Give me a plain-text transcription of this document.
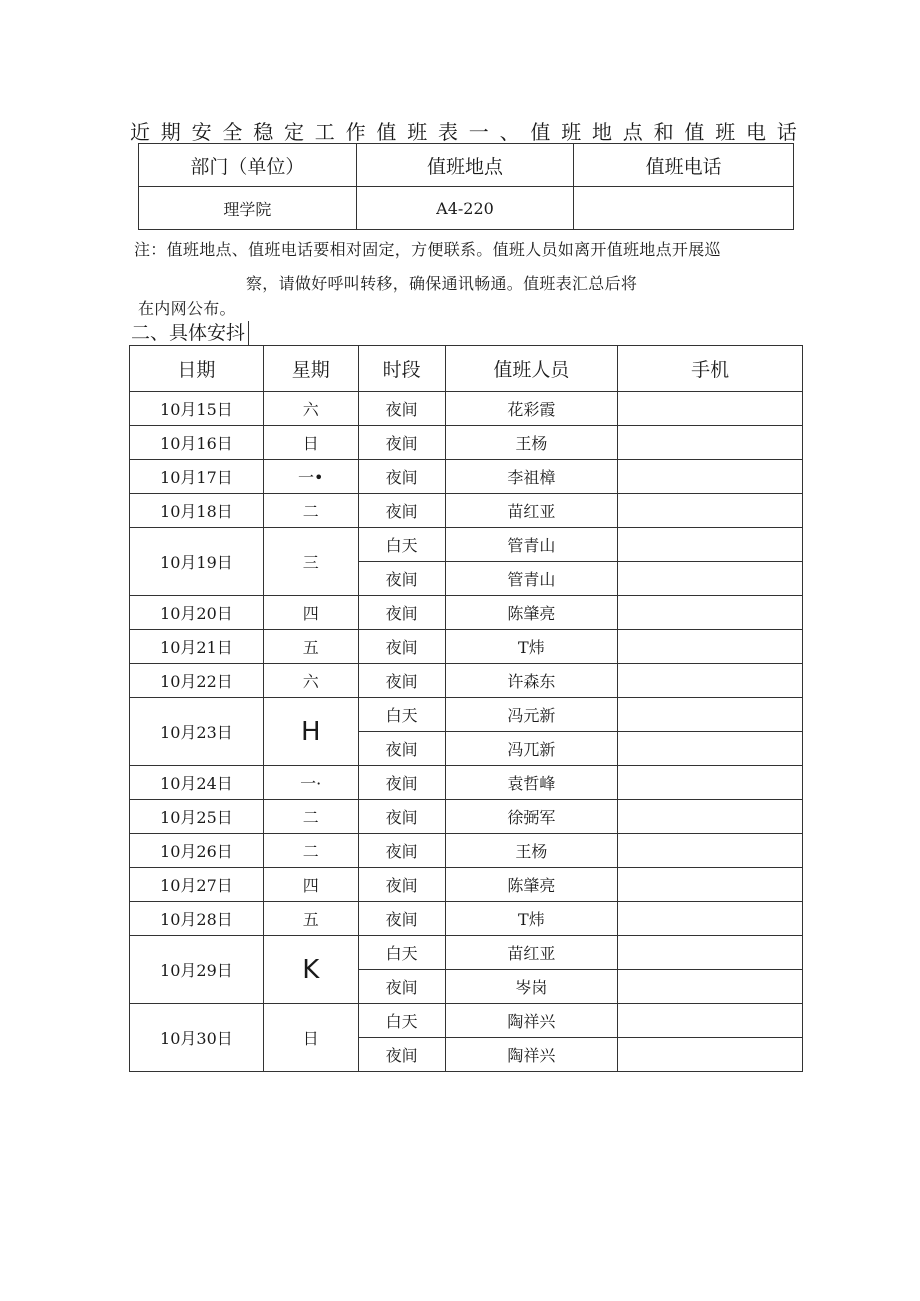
近期安全稳定工作值班表一、值班地点和值班电话
部门（单位）	值班地点	值班电话
理学院	A4-220	
注：值班地点、值班电话要相对固定，方便联系。值班人员如离开值班地点开展巡
察，请做好呼叫转移，确保通讯畅通。值班表汇总后将
在内网公布。
二、具体安抖
日期	星期	时段	值班人员	手机
10月15日	六	夜间	花彩霞	
10月16日	日	夜间	王杨	
10月17日	一•	夜间	李祖樟	
10月18日	二	夜间	苗红亚	
10月19日	三	白天	管青山	
		夜间	管青山	
10月20日	四	夜间	陈肇亮	
10月21日	五	夜间	T炜	
10月22日	六	夜间	许森东	
10月23日	H	白天	冯元新	
		夜间	冯兀新	
10月24日	一·	夜间	袁哲峰	
10月25日	二	夜间	徐弼军	
10月26日	二	夜间	王杨	
10月27日	四	夜间	陈肇亮	
10月28日	五	夜间	T炜	
10月29日	K	白天	苗红亚	
		夜间	岑岗	
10月30日	日	白天	陶祥兴	
		夜间	陶祥兴	
